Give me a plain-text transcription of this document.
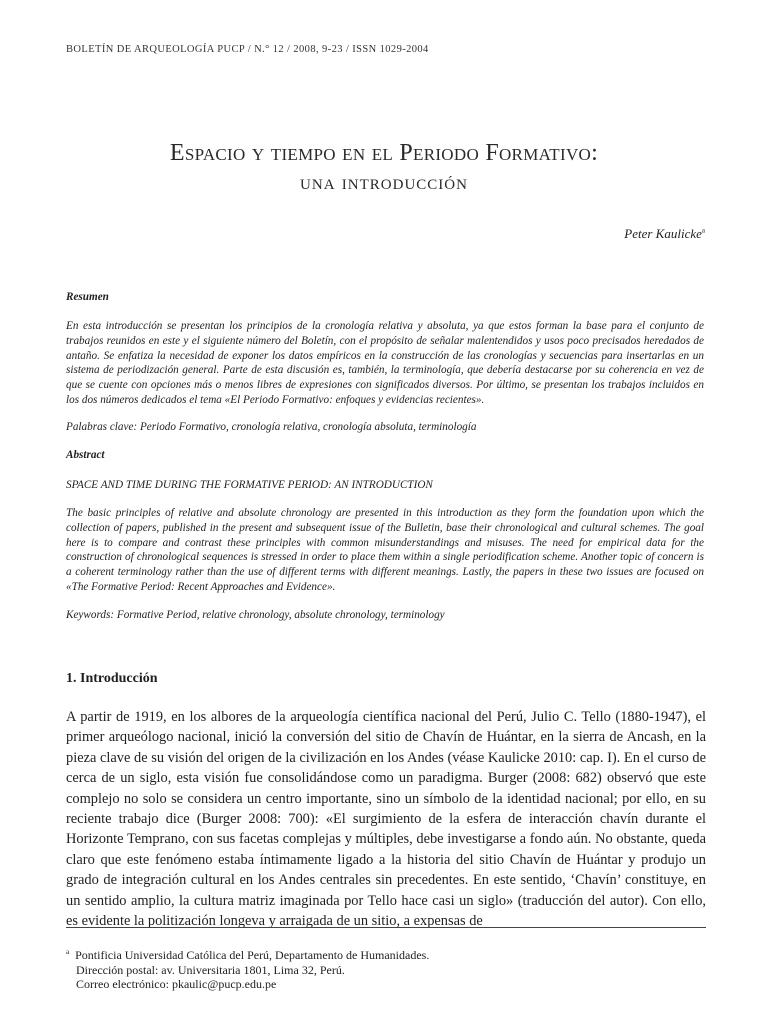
BOLETÍN DE ARQUEOLOGÍA PUCP / N.° 12 / 2008, 9-23 / ISSN 1029-2004
Espacio y tiempo en el Periodo Formativo:
una introducción
Peter Kaulicke$^a$

Resumen

En esta introducción se presentan los principios de la cronología relativa y absoluta, ya que estos forman la base para el conjunto de trabajos reunidos en este y el siguiente número del Boletín, con el propósito de señalar malentendidos y usos poco precisados heredados de antaño. Se enfatiza la necesidad de exponer los datos empíricos en la construcción de las cronologías y secuencias para insertarlas en un sistema de periodización general. Parte de esta discusión es, también, la terminología, que debería destacarse por su coherencia en vez de que se cuente con opciones más o menos libres de expresiones con significados diversos. Por último, se presentan los trabajos incluidos en los dos números dedicados el tema «El Periodo Formativo: enfoques y evidencias recientes».

Palabras clave: Periodo Formativo, cronología relativa, cronología absoluta, terminología

Abstract

SPACE AND TIME DURING THE FORMATIVE PERIOD: AN INTRODUCTION

The basic principles of relative and absolute chronology are presented in this introduction as they form the foundation upon which the collection of papers, published in the present and subsequent issue of the Bulletin, base their chronological and cultural schemes. The goal here is to compare and contrast these principles with common misunderstandings and misuses. The need for empirical data for the construction of chronological sequences is stressed in order to place them within a single periodification scheme. Another topic of concern is a coherent terminology rather than the use of different terms with different meanings. Lastly, the papers in these two issues are focused on «The Formative Period: Recent Approaches and Evidence».

Keywords: Formative Period, relative chronology, absolute chronology, terminology

1. Introducción

A partir de 1919, en los albores de la arqueología científica nacional del Perú, Julio C. Tello (1880-1947), el primer arqueólogo nacional, inició la conversión del sitio de Chavín de Huántar, en la sierra de Ancash, en la pieza clave de su visión del origen de la civilización en los Andes (véase Kaulicke 2010: cap. I). En el curso de cerca de un siglo, esta visión fue consolidándose como un paradigma. Burger (2008: 682) observó que este complejo no solo se considera un centro importante, sino un símbolo de la identidad nacional; por ello, en su reciente trabajo dice (Burger 2008: 700): «El surgimiento de la esfera de interacción chavín durante el Horizonte Temprano, con sus facetas complejas y múltiples, debe investigarse a fondo aún. No obstante, queda claro que este fenómeno estaba íntimamente ligado a la historia del sitio Chavín de Huántar y produjo un grado de integración cultural en los Andes centrales sin precedentes. En este sentido, ‘Chavín’ constituye, en un sentido amplio, la cultura matriz imaginada por Tello hace casi un siglo» (traducción del autor). Con ello, es evidente la politización longeva y arraigada de un sitio, a expensas de

$^a$ Pontificia Universidad Católica del Perú, Departamento de Humanidades.
Dirección postal: av. Universitaria 1801, Lima 32, Perú.
Correo electrónico: pkaulic@pucp.edu.pe
